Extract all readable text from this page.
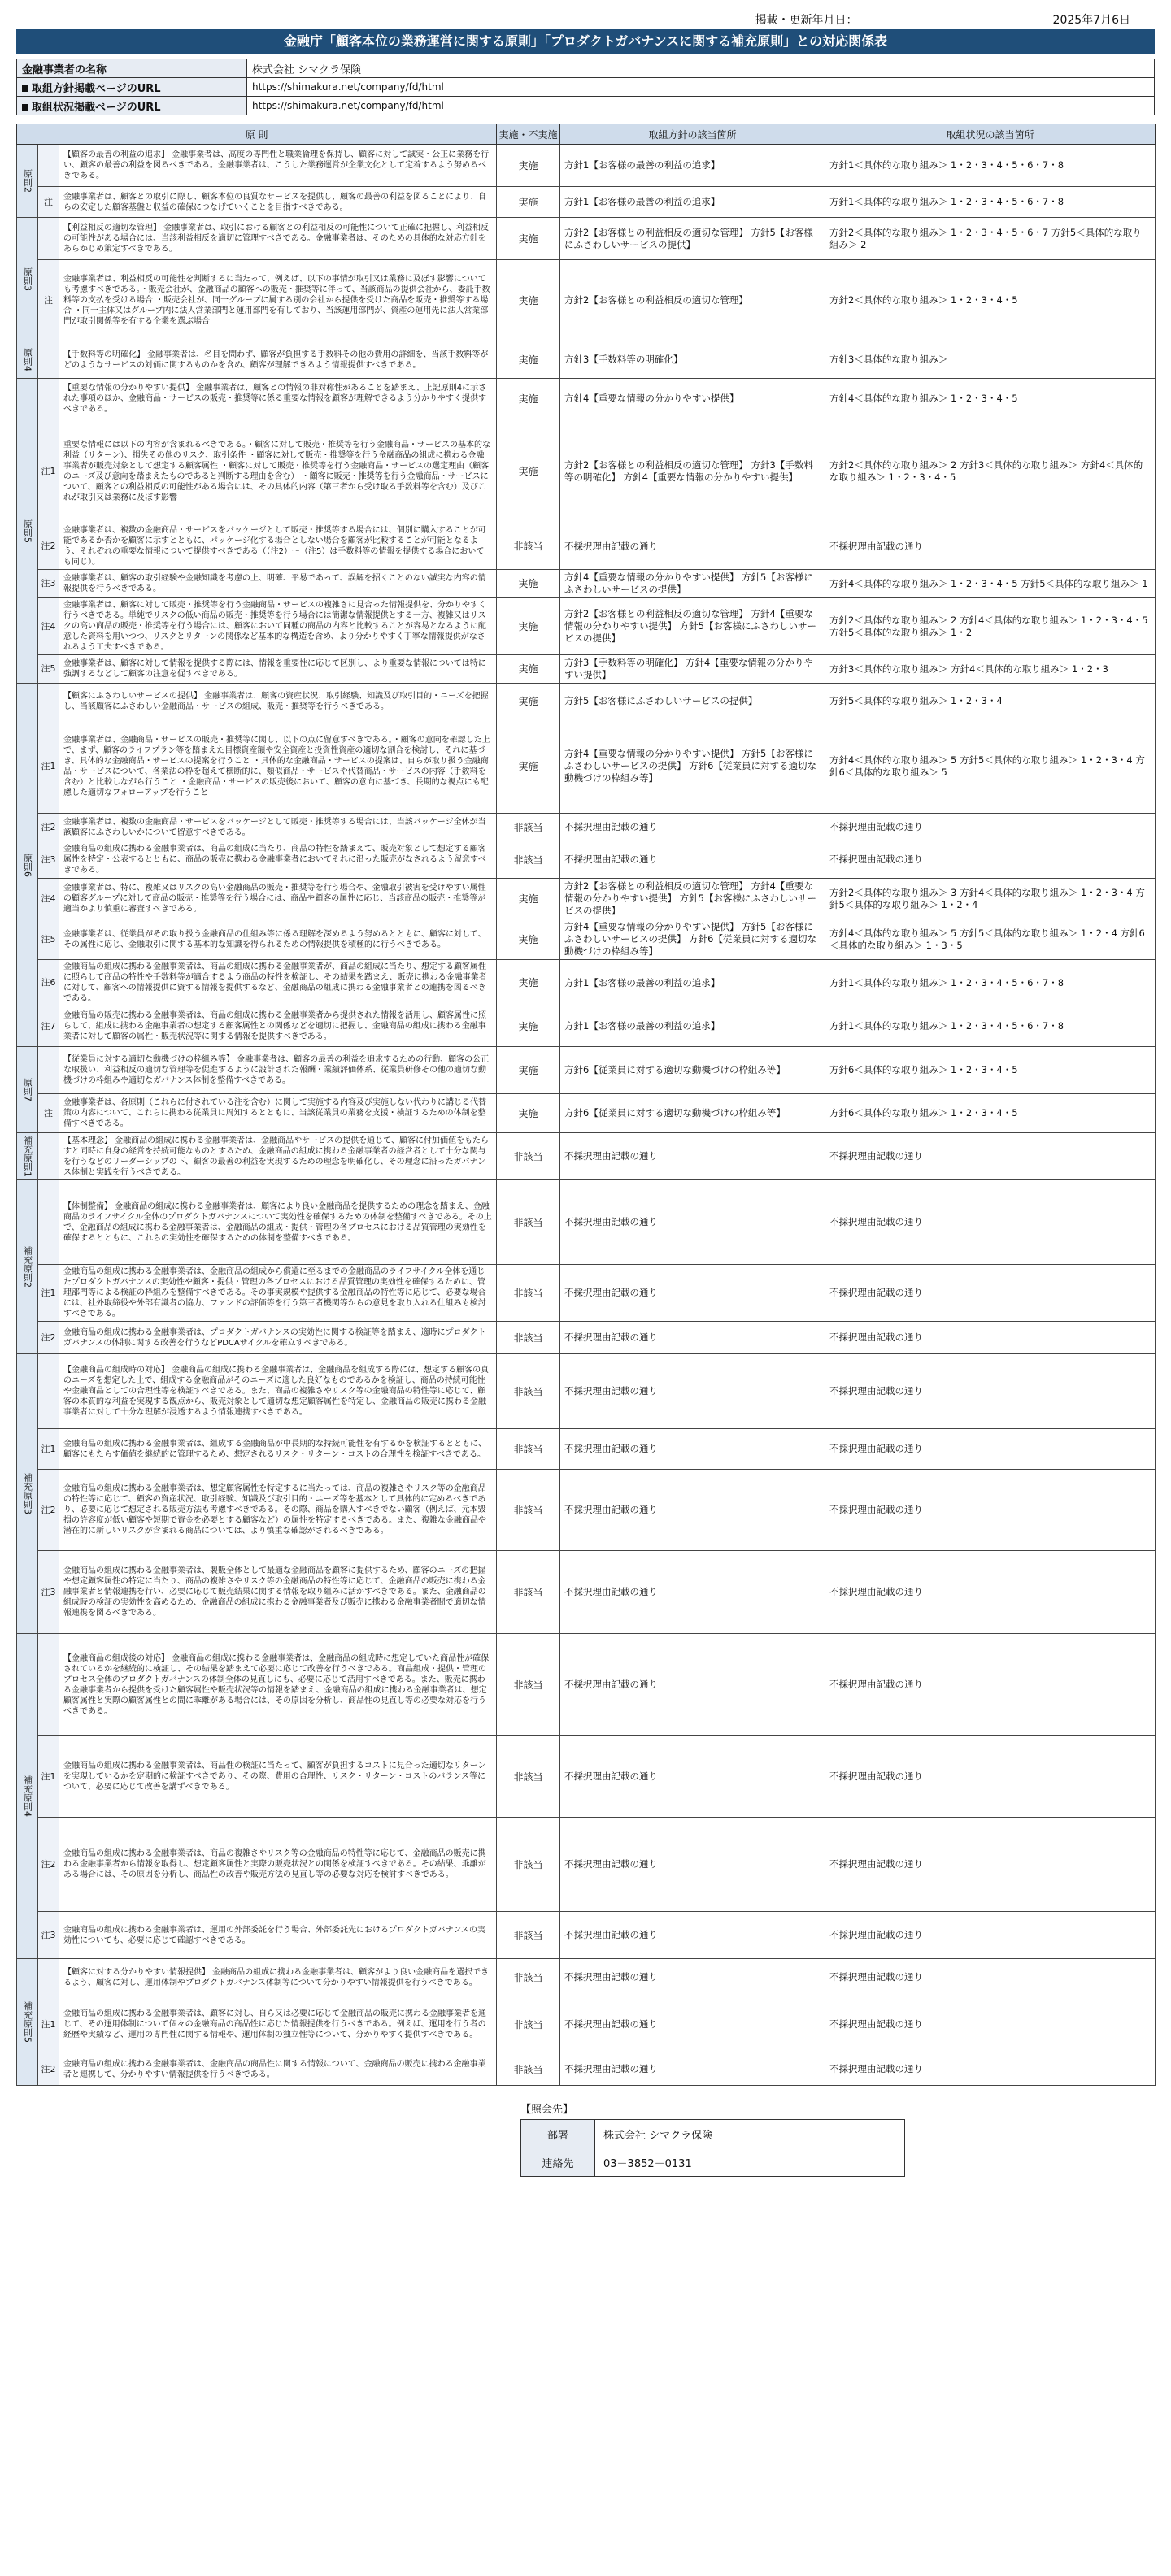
掲載・更新年月日：	2025年7月6日
金融庁「顧客本位の業務運営に関する原則」「プロダクトガバナンスに関する補充原則」との対応関係表
金融事業者の名称	株式会社 シマクラ保険
取組方針掲載ページのURL	https://shimakura.net/company/fd/html
取組状況掲載ページのURL	https://shimakura.net/company/fd/html
原 則			実施・不実施	取組方針の該当箇所	取組状況の該当箇所
原則2		【顧客の最善の利益の追求】 金融事業者は、高度の専門性と職業倫理を保持し、顧客に対して誠実・公正に業務を行い、顧客の最善の利益を図るべきである。金融事業者は、こうした業務運営が企業文化として定着するよう努めるべきである。	実施	方針1【お客様の最善の利益の追求】	方針1＜具体的な取り組み＞ 1・2・3・4・5・6・7・8
	注	金融事業者は、顧客との取引に際し、顧客本位の良質なサービスを提供し、顧客の最善の利益を図ることにより、自らの安定した顧客基盤と収益の確保につなげていくことを目指すべきである。	実施	方針1【お客様の最善の利益の追求】	方針1＜具体的な取り組み＞ 1・2・3・4・5・6・7・8
原則3		【利益相反の適切な管理】 金融事業者は、取引における顧客との利益相反の可能性について正確に把握し、利益相反の可能性がある場合には、当該利益相反を適切に管理すべきである。金融事業者は、そのための具体的な対応方針をあらかじめ策定すべきである。	実施	方針2【お客様との利益相反の適切な管理】 方針5【お客様にふさわしいサービスの提供】	方針2＜具体的な取り組み＞ 1・2・3・4・5・6・7 方針5＜具体的な取り組み＞ 2
	注	金融事業者は、利益相反の可能性を判断するに当たって、例えば、以下の事情が取引又は業務に及ぼす影響についても考慮すべきである。・販売会社が、金融商品の顧客への販売・推奨等に伴って、当該商品の提供会社から、委託手数料等の支払を受ける場合 ・販売会社が、同一グループに属する別の会社から提供を受けた商品を販売・推奨等する場合 ・同一主体又はグループ内に法人営業部門と運用部門を有しており、当該運用部門が、資産の運用先に法人営業部門が取引関係等を有する企業を選ぶ場合	実施	方針2【お客様との利益相反の適切な管理】	方針2＜具体的な取り組み＞ 1・2・3・4・5
原則4		【手数料等の明確化】 金融事業者は、名目を問わず、顧客が負担する手数料その他の費用の詳細を、当該手数料等がどのようなサービスの対価に関するものかを含め、顧客が理解できるよう情報提供すべきである。	実施	方針3【手数料等の明確化】	方針3＜具体的な取り組み＞
原則5		【重要な情報の分かりやすい提供】 金融事業者は、顧客との情報の非対称性があることを踏まえ、上記原則4に示された事項のほか、金融商品・サービスの販売・推奨等に係る重要な情報を顧客が理解できるよう分かりやすく提供すべきである。	実施	方針4【重要な情報の分かりやすい提供】	方針4＜具体的な取り組み＞ 1・2・3・4・5
	注1	重要な情報には以下の内容が含まれるべきである。・顧客に対して販売・推奨等を行う金融商品・サービスの基本的な利益（リターン）、損失その他のリスク、取引条件 ・顧客に対して販売・推奨等を行う金融商品の組成に携わる金融事業者が販売対象として想定する顧客属性 ・顧客に対して販売・推奨等を行う金融商品・サービスの選定理由（顧客のニーズ及び意向を踏まえたものであると判断する理由を含む） ・顧客に販売・推奨等を行う金融商品・サービスについて、顧客との利益相反の可能性がある場合には、その具体的内容（第三者から受け取る手数料等を含む）及びこれが取引又は業務に及ぼす影響	実施	方針2【お客様との利益相反の適切な管理】 方針3【手数料等の明確化】 方針4【重要な情報の分かりやすい提供】	方針2＜具体的な取り組み＞ 2 方針3＜具体的な取り組み＞ 方針4＜具体的な取り組み＞ 1・2・3・4・5
	注2	金融事業者は、複数の金融商品・サービスをパッケージとして販売・推奨等する場合には、個別に購入することが可能であるか否かを顧客に示すとともに、パッケージ化する場合としない場合を顧客が比較することが可能となるよう、それぞれの重要な情報について提供すべきである（（注2）〜（注5）は手数料等の情報を提供する場合においても同じ）。	非該当	不採択理由記載の通り	不採択理由記載の通り
	注3	金融事業者は、顧客の取引経験や金融知識を考慮の上、明確、平易であって、誤解を招くことのない誠実な内容の情報提供を行うべきである。	実施	方針4【重要な情報の分かりやすい提供】 方針5【お客様にふさわしいサービスの提供】	方針4＜具体的な取り組み＞ 1・2・3・4・5 方針5＜具体的な取り組み＞ 1
	注4	金融事業者は、顧客に対して販売・推奨等を行う金融商品・サービスの複雑さに見合った情報提供を、分かりやすく行うべきである。単純でリスクの低い商品の販売・推奨等を行う場合には簡潔な情報提供とする一方、複雑又はリスクの高い商品の販売・推奨等を行う場合には、顧客において同種の商品の内容と比較することが容易となるように配意した資料を用いつつ、リスクとリターンの関係など基本的な構造を含め、より分かりやすく丁寧な情報提供がなされるよう工夫すべきである。	実施	方針2【お客様との利益相反の適切な管理】 方針4【重要な情報の分かりやすい提供】 方針5【お客様にふさわしいサービスの提供】	方針2＜具体的な取り組み＞ 2 方針4＜具体的な取り組み＞ 1・2・3・4・5 方針5＜具体的な取り組み＞ 1・2
	注5	金融事業者は、顧客に対して情報を提供する際には、情報を重要性に応じて区別し、より重要な情報については特に強調するなどして顧客の注意を促すべきである。	実施	方針3【手数料等の明確化】 方針4【重要な情報の分かりやすい提供】	方針3＜具体的な取り組み＞ 方針4＜具体的な取り組み＞ 1・2・3
原則6		【顧客にふさわしいサービスの提供】 金融事業者は、顧客の資産状況、取引経験、知識及び取引目的・ニーズを把握し、当該顧客にふさわしい金融商品・サービスの組成、販売・推奨等を行うべきである。	実施	方針5【お客様にふさわしいサービスの提供】	方針5＜具体的な取り組み＞ 1・2・3・4
	注1	金融事業者は、金融商品・サービスの販売・推奨等に関し、以下の点に留意すべきである。・顧客の意向を確認した上で、まず、顧客のライフプラン等を踏まえた目標資産額や安全資産と投資性資産の適切な割合を検討し、それに基づき、具体的な金融商品・サービスの提案を行うこと ・具体的な金融商品・サービスの提案は、自らが取り扱う金融商品・サービスについて、各業法の枠を超えて横断的に、類似商品・サービスや代替商品・サービスの内容（手数料を含む）と比較しながら行うこと ・金融商品・サービスの販売後において、顧客の意向に基づき、長期的な視点にも配慮した適切なフォローアップを行うこと	実施	方針4【重要な情報の分かりやすい提供】 方針5【お客様にふさわしいサービスの提供】 方針6【従業員に対する適切な動機づけの枠組み等】	方針4＜具体的な取り組み＞ 5 方針5＜具体的な取り組み＞ 1・2・3・4 方針6＜具体的な取り組み＞ 5
	注2	金融事業者は、複数の金融商品・サービスをパッケージとして販売・推奨等する場合には、当該パッケージ全体が当該顧客にふさわしいかについて留意すべきである。	非該当	不採択理由記載の通り	不採択理由記載の通り
	注3	金融商品の組成に携わる金融事業者は、商品の組成に当たり、商品の特性を踏まえて、販売対象として想定する顧客属性を特定・公表するとともに、商品の販売に携わる金融事業者においてそれに沿った販売がなされるよう留意すべきである。	非該当	不採択理由記載の通り	不採択理由記載の通り
	注4	金融事業者は、特に、複雑又はリスクの高い金融商品の販売・推奨等を行う場合や、金融取引被害を受けやすい属性の顧客グループに対して商品の販売・推奨等を行う場合には、商品や顧客の属性に応じ、当該商品の販売・推奨等が適当かより慎重に審査すべきである。	実施	方針2【お客様との利益相反の適切な管理】 方針4【重要な情報の分かりやすい提供】 方針5【お客様にふさわしいサービスの提供】	方針2＜具体的な取り組み＞ 3 方針4＜具体的な取り組み＞ 1・2・3・4 方針5＜具体的な取り組み＞ 1・2・4
	注5	金融事業者は、従業員がその取り扱う金融商品の仕組み等に係る理解を深めるよう努めるとともに、顧客に対して、その属性に応じ、金融取引に関する基本的な知識を得られるための情報提供を積極的に行うべきである。	実施	方針4【重要な情報の分かりやすい提供】 方針5【お客様にふさわしいサービスの提供】 方針6【従業員に対する適切な動機づけの枠組み等】	方針4＜具体的な取り組み＞ 5 方針5＜具体的な取り組み＞ 1・2・4 方針6＜具体的な取り組み＞ 1・3・5
	注6	金融商品の組成に携わる金融事業者は、商品の組成に携わる金融事業者が、商品の組成に当たり、想定する顧客属性に照らして商品の特性や手数料等が適合するよう商品の特性を検証し、その結果を踏まえ、販売に携わる金融事業者に対して、顧客への情報提供に資する情報を提供するなど、金融商品の組成に携わる金融事業者との連携を図るべきである。	実施	方針1【お客様の最善の利益の追求】	方針1＜具体的な取り組み＞ 1・2・3・4・5・6・7・8
	注7	金融商品の販売に携わる金融事業者は、商品の組成に携わる金融事業者から提供された情報を活用し、顧客属性に照らして、組成に携わる金融事業者の想定する顧客属性との関係などを適切に把握し、金融商品の組成に携わる金融事業者に対して顧客の属性・販売状況等に関する情報を提供すべきである。	実施	方針1【お客様の最善の利益の追求】	方針1＜具体的な取り組み＞ 1・2・3・4・5・6・7・8
原則7		【従業員に対する適切な動機づけの枠組み等】 金融事業者は、顧客の最善の利益を追求するための行動、顧客の公正な取扱い、利益相反の適切な管理等を促進するように設計された報酬・業績評価体系、従業員研修その他の適切な動機づけの枠組みや適切なガバナンス体制を整備すべきである。	実施	方針6【従業員に対する適切な動機づけの枠組み等】	方針6＜具体的な取り組み＞ 1・2・3・4・5
	注	金融事業者は、各原則（これらに付されている注を含む）に関して実施する内容及び実施しない代わりに講じる代替策の内容について、これらに携わる従業員に周知するとともに、当該従業員の業務を支援・検証するための体制を整備すべきである。	実施	方針6【従業員に対する適切な動機づけの枠組み等】	方針6＜具体的な取り組み＞ 1・2・3・4・5
補充原則1		【基本理念】 金融商品の組成に携わる金融事業者は、金融商品やサービスの提供を通じて、顧客に付加価値をもたらすと同時に自身の経営を持続可能なものとするため、金融商品の組成に携わる金融事業者の経営者として十分な関与を行うなどのリーダーシップの下、顧客の最善の利益を実現するための理念を明確化し、その理念に沿ったガバナンス体制と実践を行うべきである。	非該当	不採択理由記載の通り	不採択理由記載の通り
補充原則2		【体制整備】 金融商品の組成に携わる金融事業者は、顧客により良い金融商品を提供するための理念を踏まえ、金融商品のライフサイクル全体のプロダクトガバナンスについて実効性を確保するための体制を整備すべきである。その上で、金融商品の組成に携わる金融事業者は、金融商品の組成・提供・管理の各プロセスにおける品質管理の実効性を確保するとともに、これらの実効性を確保するための体制を整備すべきである。	非該当	不採択理由記載の通り	不採択理由記載の通り
	注1	金融商品の組成に携わる金融事業者は、金融商品の組成から償還に至るまでの金融商品のライフサイクル全体を通じたプロダクトガバナンスの実効性や顧客・提供・管理の各プロセスにおける品質管理の実効性を確保するために、管理部門等による検証の枠組みを整備すべきである。その事実規模や提供する金融商品の特性等に応じて、必要な場合には、社外取締役や外部有識者の協力、ファンドの評価等を行う第三者機関等からの意見を取り入れる仕組みも検討すべきである。	非該当	不採択理由記載の通り	不採択理由記載の通り
	注2	金融商品の組成に携わる金融事業者は、プロダクトガバナンスの実効性に関する検証等を踏まえ、適時にプロダクトガバナンスの体制に関する改善を行うなどPDCAサイクルを確立すべきである。	非該当	不採択理由記載の通り	不採択理由記載の通り
補充原則3		【金融商品の組成時の対応】 金融商品の組成に携わる金融事業者は、金融商品を組成する際には、想定する顧客の真のニーズを想定した上で、組成する金融商品がそのニーズに適した良好なものであるかを検証し、商品の持続可能性や金融商品としての合理性等を検証すべきである。また、商品の複雑さやリスク等の金融商品の特性等に応じて、顧客の本質的な利益を実現する観点から、販売対象として適切な想定顧客属性を特定し、金融商品の販売に携わる金融事業者に対して十分な理解が浸透するよう情報連携すべきである。	非該当	不採択理由記載の通り	不採択理由記載の通り
	注1	金融商品の組成に携わる金融事業者は、組成する金融商品が中長期的な持続可能性を有するかを検証するとともに、顧客にもたらす価値を継続的に管理するため、想定されるリスク・リターン・コストの合理性を検証すべきである。	非該当	不採択理由記載の通り	不採択理由記載の通り
	注2	金融商品の組成に携わる金融事業者は、想定顧客属性を特定するに当たっては、商品の複雑さやリスク等の金融商品の特性等に応じて、顧客の資産状況、取引経験、知識及び取引目的・ニーズ等を基本として具体的に定めるべきであり、必要に応じて想定される販売方法も考慮すべきである。その際、商品を購入すべきでない顧客（例えば、元本毀損の許容度が低い顧客や短期で資金を必要とする顧客など）の属性を特定するべきである。また、複雑な金融商品や潜在的に新しいリスクが含まれる商品については、より慎重な確認がされるべきである。	非該当	不採択理由記載の通り	不採択理由記載の通り
	注3	金融商品の組成に携わる金融事業者は、製販全体として最適な金融商品を顧客に提供するため、顧客のニーズの把握や想定顧客属性の特定に当たり、商品の複雑さやリスク等の金融商品の特性等に応じて、金融商品の販売に携わる金融事業者と情報連携を行い、必要に応じて販売結果に関する情報を取り組みに活かすべきである。また、金融商品の組成時の検証の実効性を高めるため、金融商品の組成に携わる金融事業者及び販売に携わる金融事業者間で適切な情報連携を図るべきである。	非該当	不採択理由記載の通り	不採択理由記載の通り
補充原則4		【金融商品の組成後の対応】 金融商品の組成に携わる金融事業者は、金融商品の組成時に想定していた商品性が確保されているかを継続的に検証し、その結果を踏まえて必要に応じて改善を行うべきである。商品組成・提供・管理のプロセス全体のプロダクトガバナンスの体制全体の見直しにも、必要に応じて活用すべきである。また、販売に携わる金融事業者から提供を受けた顧客属性や販売状況等の情報を踏まえ、金融商品の組成に携わる金融事業者は、想定顧客属性と実際の顧客属性との間に乖離がある場合には、その原因を分析し、商品性の見直し等の必要な対応を行うべきである。	非該当	不採択理由記載の通り	不採択理由記載の通り
	注1	金融商品の組成に携わる金融事業者は、商品性の検証に当たって、顧客が負担するコストに見合った適切なリターンを実現しているかを定期的に検証すべきであり、その際、費用の合理性、リスク・リターン・コストのバランス等について、必要に応じて改善を講ずべきである。	非該当	不採択理由記載の通り	不採択理由記載の通り
	注2	金融商品の組成に携わる金融事業者は、商品の複雑さやリスク等の金融商品の特性等に応じて、金融商品の販売に携わる金融事業者から情報を取得し、想定顧客属性と実際の販売状況との関係を検証すべきである。その結果、乖離がある場合には、その原因を分析し、商品性の改善や販売方法の見直し等の必要な対応を検討すべきである。	非該当	不採択理由記載の通り	不採択理由記載の通り
	注3	金融商品の組成に携わる金融事業者は、運用の外部委託を行う場合、外部委託先におけるプロダクトガバナンスの実効性についても、必要に応じて確認すべきである。	非該当	不採択理由記載の通り	不採択理由記載の通り
補充原則5		【顧客に対する分かりやすい情報提供】 金融商品の組成に携わる金融事業者は、顧客がより良い金融商品を選択できるよう、顧客に対し、運用体制やプロダクトガバナンス体制等について分かりやすい情報提供を行うべきである。	非該当	不採択理由記載の通り	不採択理由記載の通り
	注1	金融商品の組成に携わる金融事業者は、顧客に対し、自ら又は必要に応じて金融商品の販売に携わる金融事業者を通じて、その運用体制について個々の金融商品の商品性に応じた情報提供を行うべきである。例えば、運用を行う者の経歴や実績など、運用の専門性に関する情報や、運用体制の独立性等について、分かりやすく提供すべきである。	非該当	不採択理由記載の通り	不採択理由記載の通り
	注2	金融商品の組成に携わる金融事業者は、金融商品の商品性に関する情報について、金融商品の販売に携わる金融事業者と連携して、分かりやすい情報提供を行うべきである。	非該当	不採択理由記載の通り	不採択理由記載の通り
【照会先】
部署	株式会社 シマクラ保険
連絡先	03－3852－0131
